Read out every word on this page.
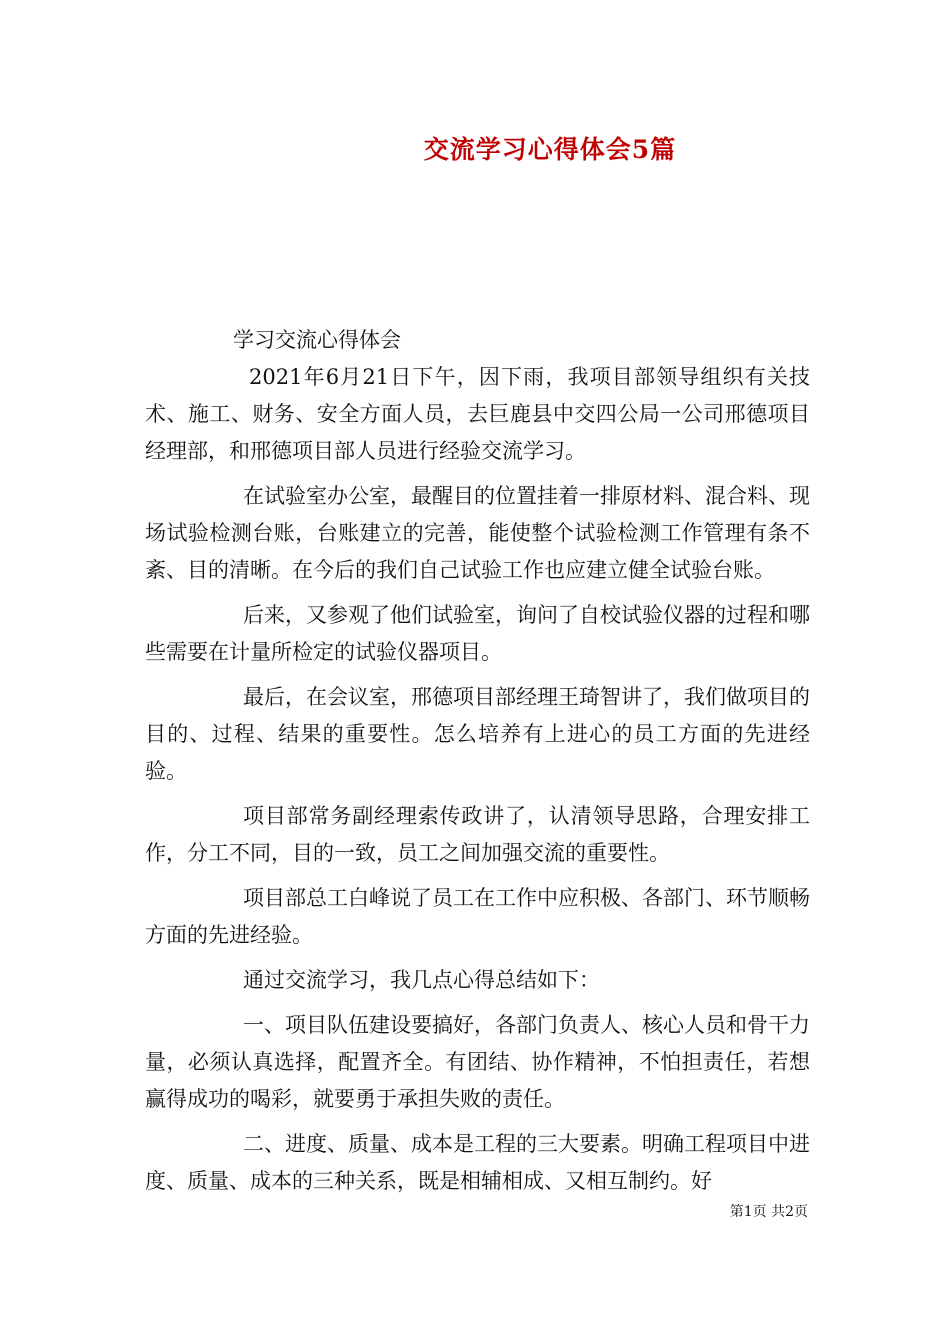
交流学习心得体会5篇
学习交流心得体会

2021年6月21日下午，因下雨，我项目部领导组织有关技术、施工、财务、安全方面人员，去巨鹿县中交四公局一公司邢德项目经理部，和邢德项目部人员进行经验交流学习。

在试验室办公室，最醒目的位置挂着一排原材料、混合料、现场试验检测台账，台账建立的完善，能使整个试验检测工作管理有条不紊、目的清晰。在今后的我们自己试验工作也应建立健全试验台账。

后来，又参观了他们试验室，询问了自校试验仪器的过程和哪些需要在计量所检定的试验仪器项目。

最后，在会议室，邢德项目部经理王琦智讲了，我们做项目的目的、过程、结果的重要性。怎么培养有上进心的员工方面的先进经验。

项目部常务副经理索传政讲了，认清领导思路，合理安排工作，分工不同，目的一致，员工之间加强交流的重要性。

项目部总工白峰说了员工在工作中应积极、各部门、环节顺畅方面的先进经验。

通过交流学习，我几点心得总结如下：

一、项目队伍建设要搞好，各部门负责人、核心人员和骨干力量，必须认真选择，配置齐全。有团结、协作精神，不怕担责任，若想赢得成功的喝彩，就要勇于承担失败的责任。

二、进度、质量、成本是工程的三大要素。明确工程项目中进度、质量、成本的三种关系，既是相辅相成、又相互制约。好

第1页 共2页
